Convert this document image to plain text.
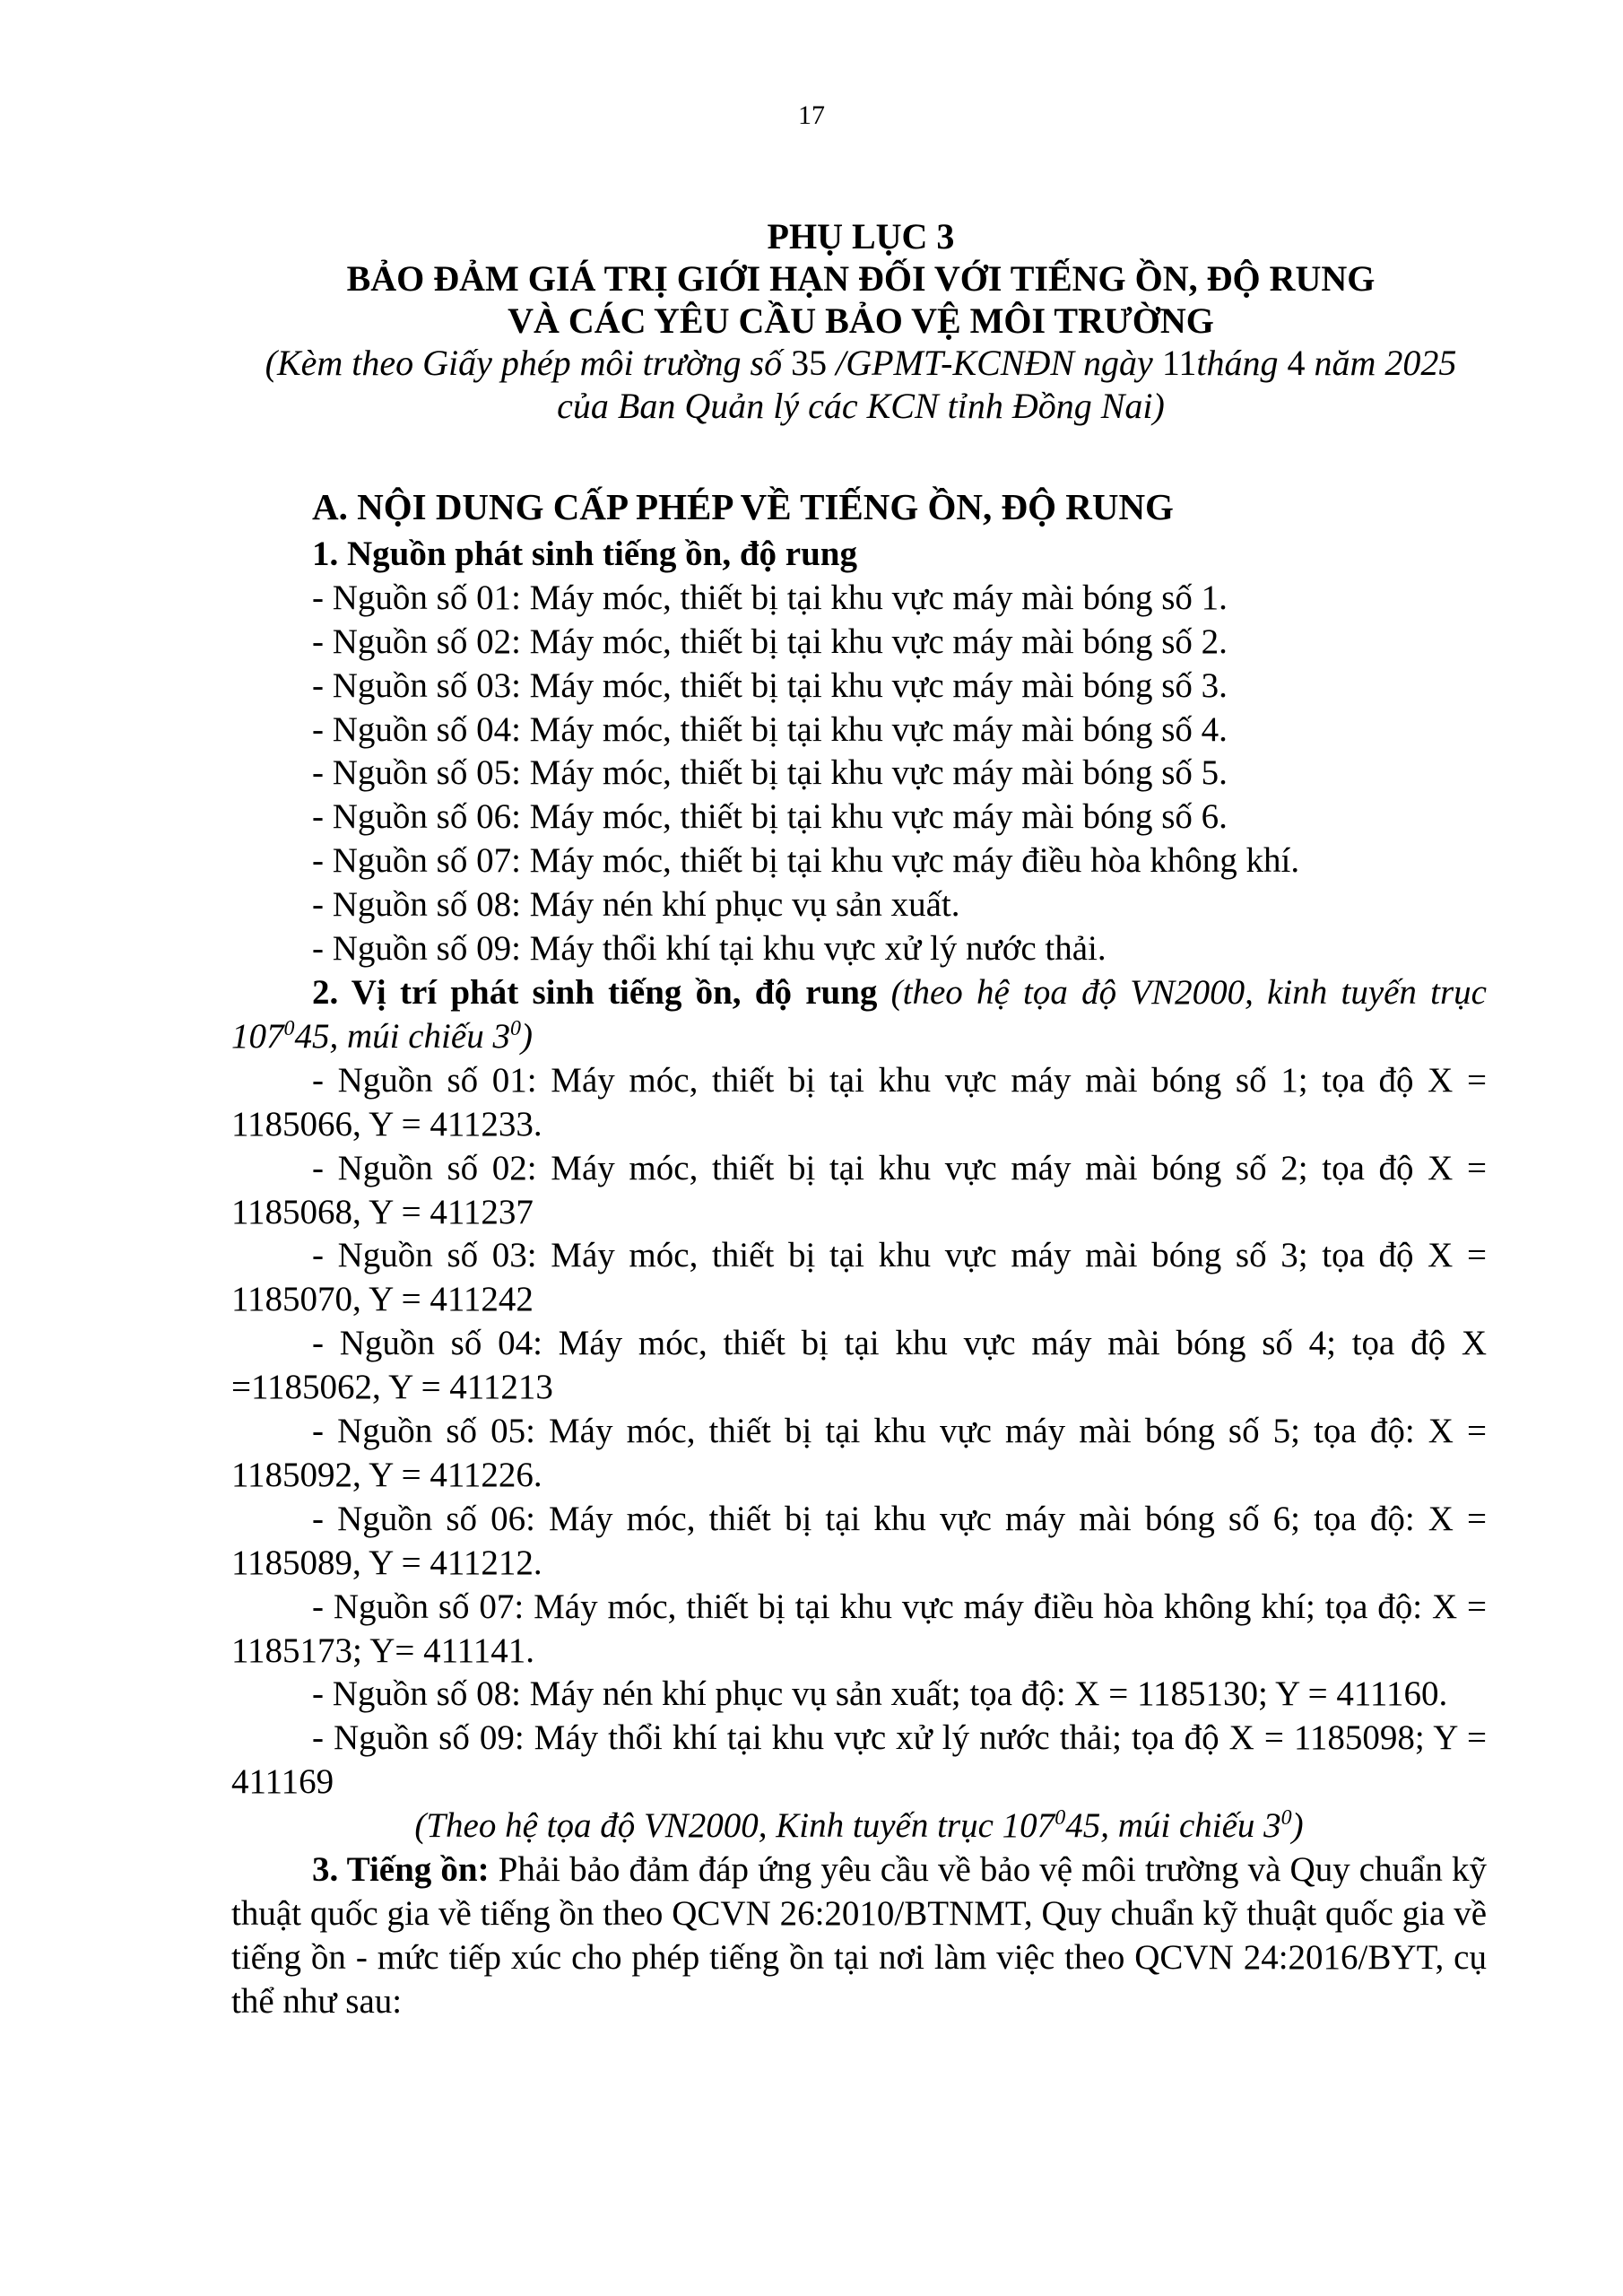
17
PHỤ LỤC 3
BẢO ĐẢM GIÁ TRỊ GIỚI HẠN ĐỐI VỚI TIẾNG ỒN, ĐỘ RUNG
VÀ CÁC YÊU CẦU BẢO VỆ MÔI TRƯỜNG
(Kèm theo Giấy phép môi trường số 35 /GPMT-KCNĐN ngày 11tháng 4 năm 2025
của Ban Quản lý các KCN tỉnh Đồng Nai)

A. NỘI DUNG CẤP PHÉP VỀ TIẾNG ỒN, ĐỘ RUNG

1. Nguồn phát sinh tiếng ồn, độ rung

- Nguồn số 01: Máy móc, thiết bị tại khu vực máy mài bóng số 1.

- Nguồn số 02: Máy móc, thiết bị tại khu vực máy mài bóng số 2.

- Nguồn số 03: Máy móc, thiết bị tại khu vực máy mài bóng số 3.

- Nguồn số 04: Máy móc, thiết bị tại khu vực máy mài bóng số 4.

- Nguồn số 05: Máy móc, thiết bị tại khu vực máy mài bóng số 5.

- Nguồn số 06: Máy móc, thiết bị tại khu vực máy mài bóng số 6.

- Nguồn số 07: Máy móc, thiết bị tại khu vực máy điều hòa không khí.

- Nguồn số 08: Máy nén khí phục vụ sản xuất.

- Nguồn số 09: Máy thổi khí tại khu vực xử lý nước thải.

2. Vị trí phát sinh tiếng ồn, độ rung (theo hệ tọa độ VN2000, kinh tuyến trục $107^045$, múi chiếu $3^0$)

- Nguồn số 01: Máy móc, thiết bị tại khu vực máy mài bóng số 1; tọa độ X = 1185066, Y = 411233.

- Nguồn số 02: Máy móc, thiết bị tại khu vực máy mài bóng số 2; tọa độ X = 1185068, Y = 411237

- Nguồn số 03: Máy móc, thiết bị tại khu vực máy mài bóng số 3; tọa độ X = 1185070, Y = 411242

- Nguồn số 04: Máy móc, thiết bị tại khu vực máy mài bóng số 4; tọa độ X =1185062, Y = 411213

- Nguồn số 05: Máy móc, thiết bị tại khu vực máy mài bóng số 5; tọa độ: X = 1185092, Y = 411226.

- Nguồn số 06: Máy móc, thiết bị tại khu vực máy mài bóng số 6; tọa độ: X = 1185089, Y = 411212.

- Nguồn số 07: Máy móc, thiết bị tại khu vực máy điều hòa không khí; tọa độ: X = 1185173; Y= 411141.

- Nguồn số 08: Máy nén khí phục vụ sản xuất; tọa độ: X = 1185130; Y = 411160.

- Nguồn số 09: Máy thổi khí tại khu vực xử lý nước thải; tọa độ X = 1185098; Y = 411169

(Theo hệ tọa độ VN2000, Kinh tuyến trục $107^045$, múi chiếu $3^0$)

3. Tiếng ồn: Phải bảo đảm đáp ứng yêu cầu về bảo vệ môi trường và Quy chuẩn kỹ thuật quốc gia về tiếng ồn theo QCVN 26:2010/BTNMT, Quy chuẩn kỹ thuật quốc gia về tiếng ồn - mức tiếp xúc cho phép tiếng ồn tại nơi làm việc theo QCVN 24:2016/BYT, cụ thể như sau:
